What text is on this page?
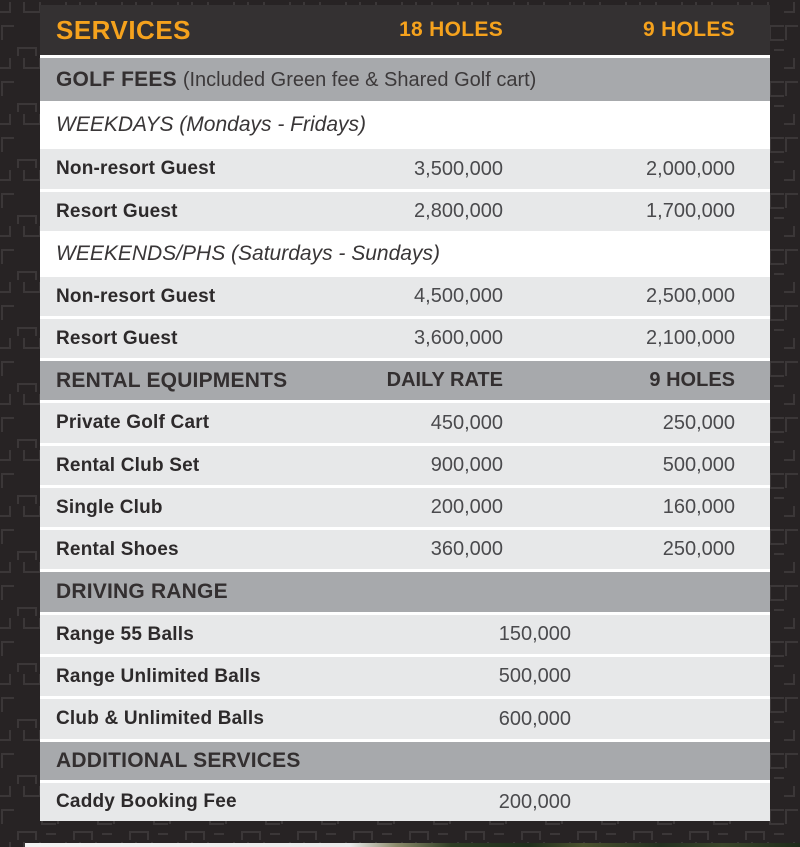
SERVICES	18 HOLES	9 HOLES
GOLF FEES (Included Green fee & Shared Golf cart)
WEEKDAYS (Mondays - Fridays)
Non-resort Guest	3,500,000	2,000,000
Resort Guest	2,800,000	1,700,000
WEEKENDS/PHS (Saturdays - Sundays)
Non-resort Guest	4,500,000	2,500,000
Resort Guest	3,600,000	2,100,000
RENTAL EQUIPMENTS	DAILY RATE	9 HOLES
Private Golf Cart	450,000	250,000
Rental Club Set	900,000	500,000
Single Club	200,000	160,000
Rental Shoes	360,000	250,000
DRIVING RANGE
Range 55 Balls	150,000
Range Unlimited Balls	500,000
Club & Unlimited Balls	600,000
ADDITIONAL SERVICES
Caddy Booking Fee	200,000
